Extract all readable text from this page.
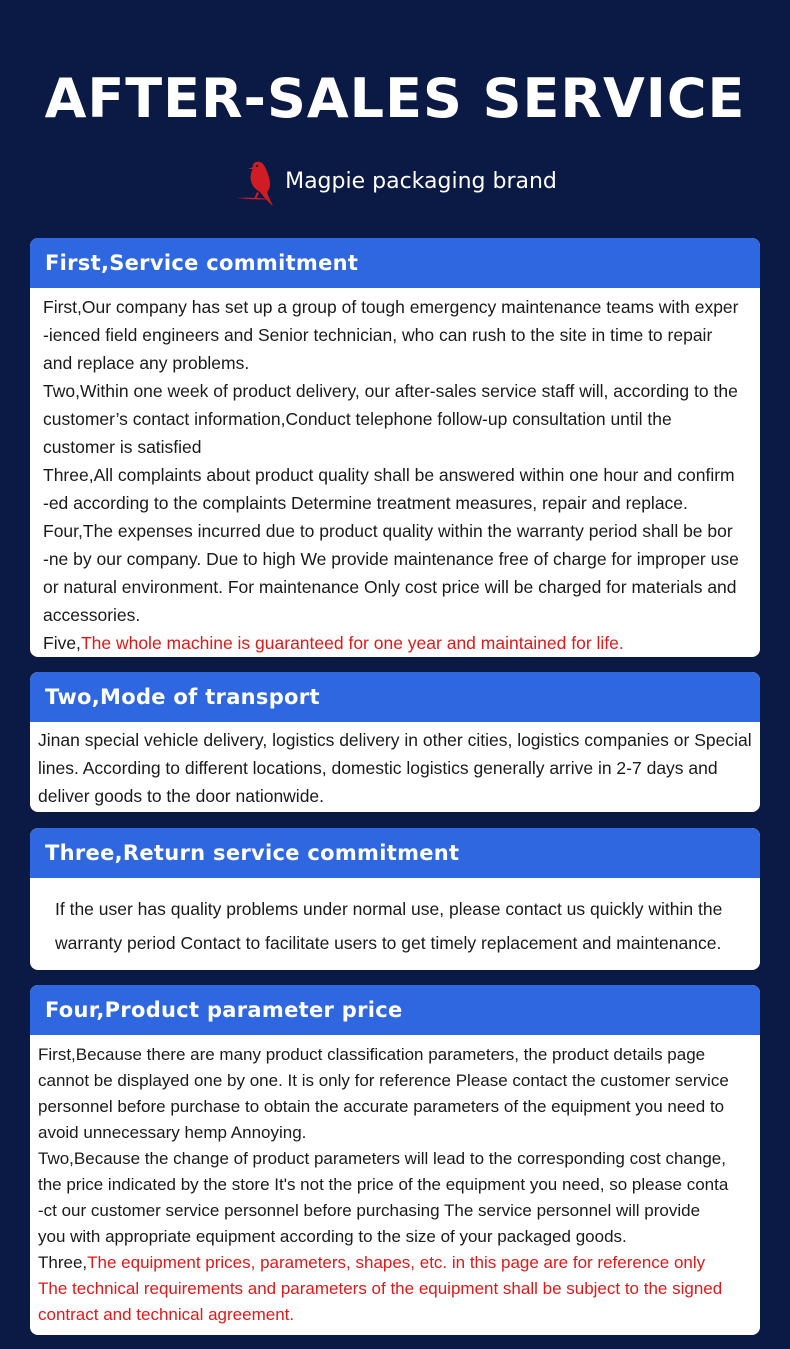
AFTER-SALES SERVICE
Magpie packaging brand
First,Service commitment

First,Our company has set up a group of tough emergency maintenance teams with exper

-ienced field engineers and Senior technician, who can rush to the site in time to repair

and replace any problems.

Two,Within one week of product delivery, our after-sales service staff will, according to the

customer’s contact information,Conduct telephone follow-up consultation until the

customer is satisfied

Three,All complaints about product quality shall be answered within one hour and confirm

-ed according to the complaints Determine treatment measures, repair and replace.

Four,The expenses incurred due to product quality within the warranty period shall be bor

-ne by our company. Due to high We provide maintenance free of charge for improper use

or natural environment. For maintenance Only cost price will be charged for materials and

accessories.

Five,The whole machine is guaranteed for one year and maintained for life.

Two,Mode of transport

Jinan special vehicle delivery, logistics delivery in other cities, logistics companies or Special

lines. According to different locations, domestic logistics generally arrive in 2-7 days and

deliver goods to the door nationwide.

Three,Return service commitment

If the user has quality problems under normal use, please contact us quickly within the

warranty period Contact to facilitate users to get timely replacement and maintenance.

Four,Product parameter price

First,Because there are many product classification parameters, the product details page

cannot be displayed one by one. It is only for reference Please contact the customer service

personnel before purchase to obtain the accurate parameters of the equipment you need to

avoid unnecessary hemp Annoying.

Two,Because the change of product parameters will lead to the corresponding cost change,

the price indicated by the store It's not the price of the equipment you need, so please conta

-ct our customer service personnel before purchasing The service personnel will provide

you with appropriate equipment according to the size of your packaged goods.

Three,The equipment prices, parameters, shapes, etc. in this page are for reference only

The technical requirements and parameters of the equipment shall be subject to the signed

contract and technical agreement.
